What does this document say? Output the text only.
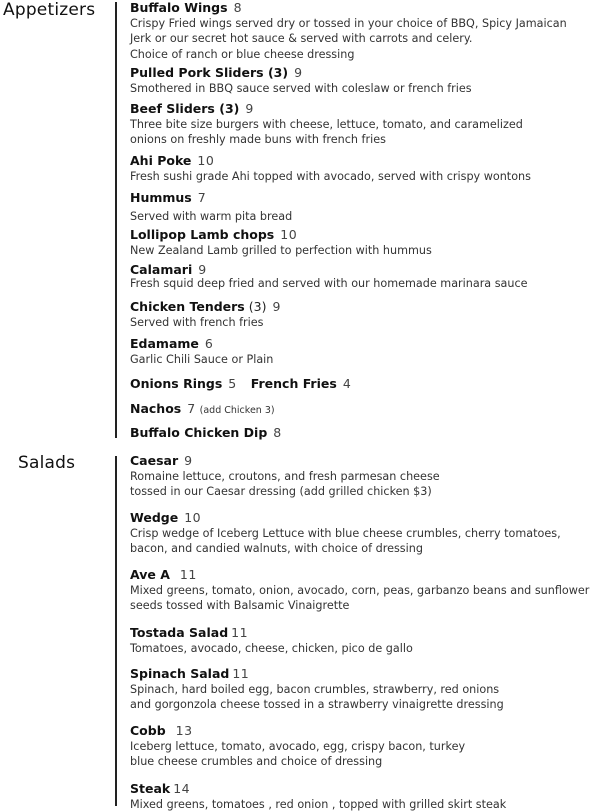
Appetizers
Salads
Buffalo Wings 8
Crispy Fried wings served dry or tossed in your choice of BBQ, Spicy Jamaican
Jerk or our secret hot sauce & served with carrots and celery.
Choice of ranch or blue cheese dressing
Pulled Pork Sliders (3) 9
Smothered in BBQ sauce served with coleslaw or french fries
Beef Sliders (3) 9
Three bite size burgers with cheese, lettuce, tomato, and caramelized
onions on freshly made buns with french fries
Ahi Poke 10
Fresh sushi grade Ahi topped with avocado, served with crispy wontons
Hummus 7
Served with warm pita bread
Lollipop Lamb chops 10
New Zealand Lamb grilled to perfection with hummus
Calamari 9
Fresh squid deep fried and served with our homemade marinara sauce
Chicken Tenders (3) 9
Served with french fries
Edamame 6
Garlic Chili Sauce or Plain
Onions Rings 5 French Fries 4
Nachos 7 (add Chicken 3)
Buffalo Chicken Dip 8
Caesar 9
Romaine lettuce, croutons, and fresh parmesan cheese
tossed in our Caesar dressing (add grilled chicken $3)
Wedge 10
Crisp wedge of Iceberg Lettuce with blue cheese crumbles, cherry tomatoes,
bacon, and candied walnuts, with choice of dressing
Ave A 11
Mixed greens, tomato, onion, avocado, corn, peas, garbanzo beans and sunflower
seeds tossed with Balsamic Vinaigrette
Tostada Salad 11
Tomatoes, avocado, cheese, chicken, pico de gallo
Spinach Salad 11
Spinach, hard boiled egg, bacon crumbles, strawberry, red onions
and gorgonzola cheese tossed in a strawberry vinaigrette dressing
Cobb 13
Iceberg lettuce, tomato, avocado, egg, crispy bacon, turkey
blue cheese crumbles and choice of dressing
Steak 14
Mixed greens, tomatoes , red onion , topped with grilled skirt steak
